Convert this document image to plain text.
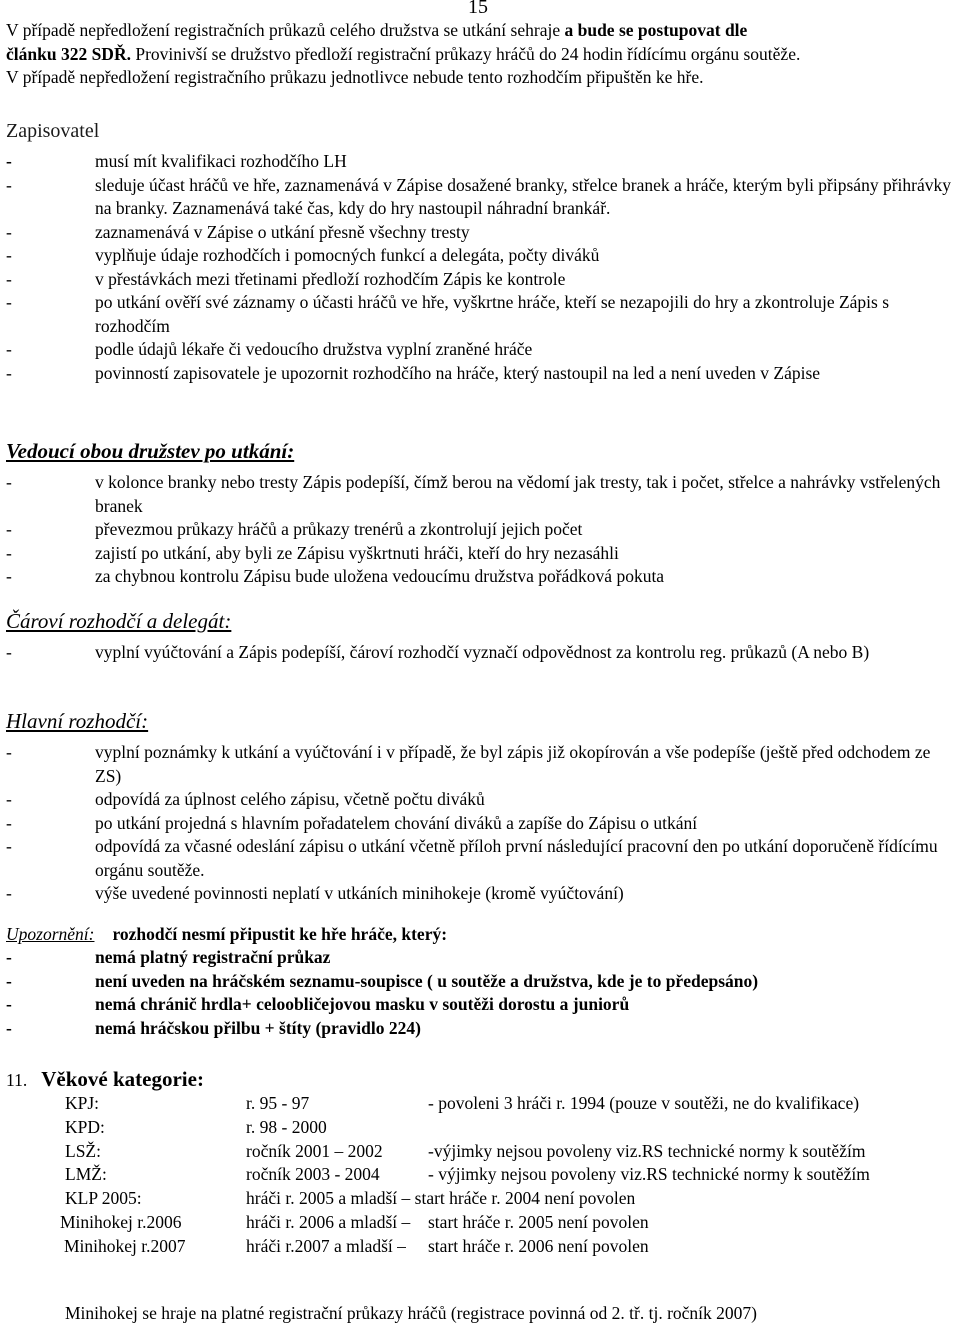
15

V případě nepředložení registračních průkazů celého družstva se utkání sehraje a bude se postupovat dle

článku 322 SDŘ. Provinivší se družstvo předloží registrační průkazy hráčů do 24 hodin řídícímu orgánu soutěže.

V případě nepředložení registračního průkazu jednotlivce nebude tento rozhodčím připuštěn ke hře.

Zapisovatel
-	musí mít kvalifikaci rozhodčího LH
-	sleduje účast hráčů ve hře, zaznamenává v Zápise dosažené branky, střelce branek a hráče, kterým byli připsány přihrávky na branky. Zaznamenává také čas, kdy do hry nastoupil náhradní brankář.
-	zaznamenává v Zápise o utkání přesně všechny tresty
-	vyplňuje údaje rozhodčích i pomocných funkcí a delegáta, počty diváků
-	v přestávkách mezi třetinami předloží rozhodčím Zápis ke kontrole
-	po utkání ověří své záznamy o účasti hráčů ve hře, vyškrtne hráče, kteří se nezapojili do hry a zkontroluje Zápis s rozhodčím
-	podle údajů lékaře či vedoucího družstva vyplní zraněné hráče
-	povinností zapisovatele je upozornit rozhodčího na hráče, který nastoupil na led a není uveden v Zápise
Vedoucí obou družstev po utkání:
-	v kolonce branky nebo tresty Zápis podepíší, čímž berou na vědomí jak tresty, tak i počet, střelce a nahrávky vstřelených branek
-	převezmou průkazy hráčů a průkazy trenérů a zkontrolují jejich počet
-	zajistí po utkání, aby byli ze Zápisu vyškrtnuti hráči, kteří do hry nezasáhli
-	za chybnou kontrolu Zápisu bude uložena vedoucímu družstva pořádková pokuta
Čároví rozhodčí a delegát:
-	vyplní vyúčtování a Zápis podepíší, čároví rozhodčí vyznačí odpovědnost za kontrolu reg. průkazů (A nebo B)
Hlavní rozhodčí:
-	vyplní poznámky k utkání a vyúčtování i v případě, že byl zápis již okopírován a vše podepíše (ještě před odchodem ze ZS)
-	odpovídá za úplnost celého zápisu, včetně počtu diváků
-	po utkání projedná s hlavním pořadatelem chování diváků a zapíše do Zápisu o utkání
-	odpovídá za včasné odeslání zápisu o utkání včetně příloh první následující pracovní den po utkání doporučeně řídícímu orgánu soutěže.
-	výše uvedené povinnosti neplatí v utkáních minihokeje (kromě vyúčtování)
Upozornění: rozhodčí nesmí připustit ke hře hráče, který:
-	nemá platný registrační průkaz
-	není uveden na hráčském seznamu-soupisce ( u soutěže a družstva, kde je to předepsáno)
-	nemá chránič hrdla+ celoobličejovou masku v soutěži dorostu a juniorů
-	nemá hráčskou přilbu + štíty (pravidlo 224)
11. Věkové kategorie:
KPJ:	r. 95 - 97	- povoleni 3 hráči r. 1994 (pouze v soutěži, ne do kvalifikace)
KPD:	r. 98 - 2000	
LSŽ:	ročník 2001 – 2002	-výjimky nejsou povoleny viz.RS technické normy k soutěžím
LMŽ:	ročník 2003 - 2004	- výjimky nejsou povoleny viz.RS technické normy k soutěžím
KLP 2005:	hráči r. 2005 a mladší – start hráče r. 2004 není povolen	
Minihokej r.2006	hráči r. 2006 a mladší –	start hráče r. 2005 není povolen
Minihokej r.2007	hráči r.2007 a mladší –	start hráče r. 2006 není povolen
Minihokej se hraje na platné registrační průkazy hráčů (registrace povinná od 2. tř. tj. ročník 2007)
